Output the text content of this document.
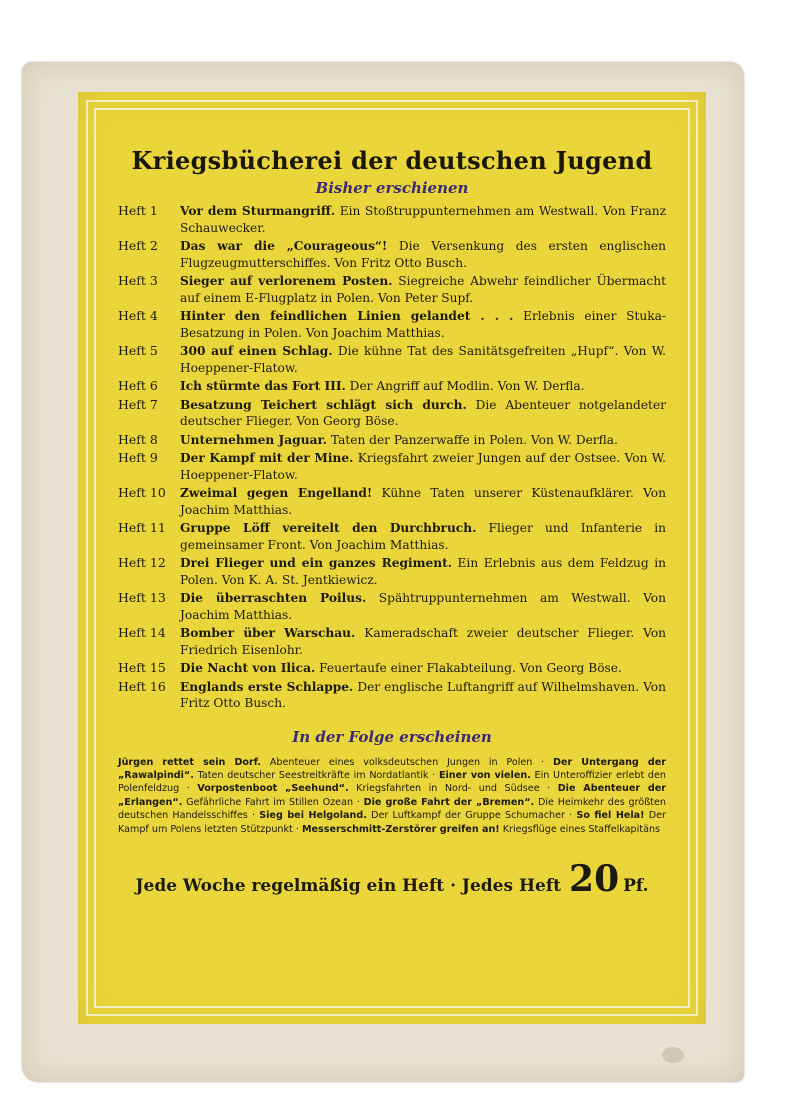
Kriegsbücherei der deutschen Jugend
Bisher erschienen
Heft 1	Vor dem Sturmangriff. Ein Stoßtruppunternehmen am Westwall. Von Franz Schauwecker.
Heft 2	Das war die „Courageous“! Die Versenkung des ersten englischen Flugzeugmutterschiffes. Von Fritz Otto Busch.
Heft 3	Sieger auf verlorenem Posten. Siegreiche Abwehr feindlicher Übermacht auf einem E-Flugplatz in Polen. Von Peter Supf.
Heft 4	Hinter den feindlichen Linien gelandet . . . Erlebnis einer Stuka-Besatzung in Polen. Von Joachim Matthias.
Heft 5	300 auf einen Schlag. Die kühne Tat des Sanitätsgefreiten „Hupf“. Von W. Hoeppener-Flatow.
Heft 6	Ich stürmte das Fort III. Der Angriff auf Modlin. Von W. Derfla.
Heft 7	Besatzung Teichert schlägt sich durch. Die Abenteuer notgelandeter deutscher Flieger. Von Georg Böse.
Heft 8	Unternehmen Jaguar. Taten der Panzerwaffe in Polen. Von W. Derfla.
Heft 9	Der Kampf mit der Mine. Kriegsfahrt zweier Jungen auf der Ostsee. Von W. Hoeppener-Flatow.
Heft 10	Zweimal gegen Engelland! Kühne Taten unserer Küstenaufklärer. Von Joachim Matthias.
Heft 11	Gruppe Löff vereitelt den Durchbruch. Flieger und Infanterie in gemeinsamer Front. Von Joachim Matthias.
Heft 12	Drei Flieger und ein ganzes Regiment. Ein Erlebnis aus dem Feldzug in Polen. Von K. A. St. Jentkiewicz.
Heft 13	Die überraschten Poilus. Spähtruppunternehmen am Westwall. Von Joachim Matthias.
Heft 14	Bomber über Warschau. Kameradschaft zweier deutscher Flieger. Von Friedrich Eisenlohr.
Heft 15	Die Nacht von Ilica. Feuertaufe einer Flakabteilung. Von Georg Böse.
Heft 16	Englands erste Schlappe. Der englische Luftangriff auf Wilhelmshaven. Von Fritz Otto Busch.
In der Folge erscheinen
Jürgen rettet sein Dorf. Abenteuer eines volksdeutschen Jungen in Polen · Der Untergang der „Rawalpindi“. Taten deutscher Seestreitkräfte im Nordatlantik · Einer von vielen. Ein Unteroffizier erlebt den Polenfeldzug · Vorpostenboot „Seehund“. Kriegsfahrten in Nord- und Südsee · Die Abenteuer der „Erlangen“. Gefährliche Fahrt im Stillen Ozean · Die große Fahrt der „Bremen“. Die Heimkehr des größten deutschen Handelsschiffes · Sieg bei Helgoland. Der Luftkampf der Gruppe Schumacher · So fiel Hela! Der Kampf um Polens letzten Stützpunkt · Messerschmitt-Zerstörer greifen an! Kriegsflüge eines Staffelkapitäns
Jede Woche regelmäßig ein Heft
·
Jedes Heft 20 Pf.
